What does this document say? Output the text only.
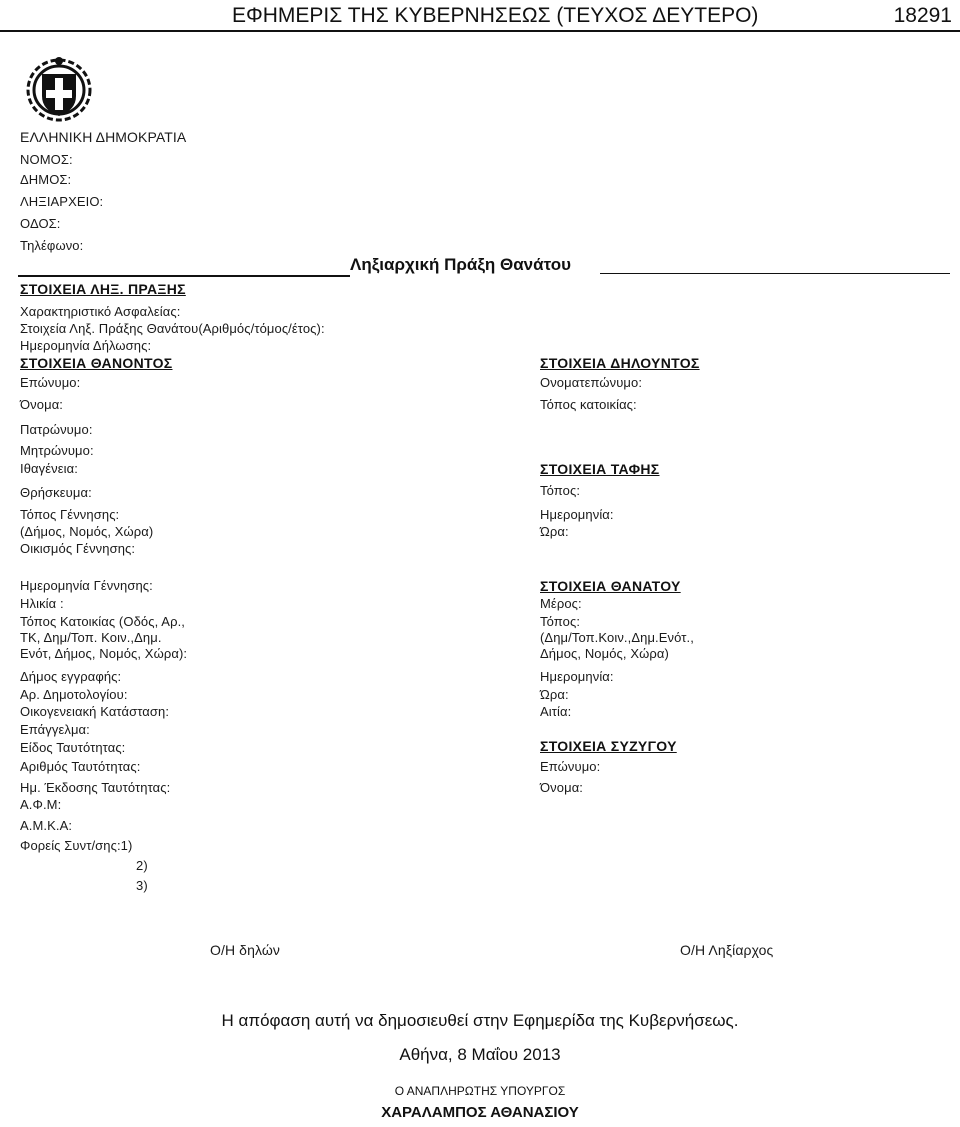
ΕΦΗΜΕΡΙΣ ΤΗΣ ΚΥΒΕΡΝΗΣΕΩΣ (ΤΕΥΧΟΣ ΔΕΥΤΕΡΟ)	18291
ΕΛΛΗΝΙΚΗ ΔΗΜΟΚΡΑΤΙΑ
ΝΟΜΟΣ:
ΔΗΜΟΣ:
ΛΗΞΙΑΡΧΕΙΟ:
ΟΔΟΣ:
Τηλέφωνο:
Ληξιαρχική Πράξη Θανάτου
ΣΤΟΙΧΕΙΑ ΛΗΞ. ΠΡΑΞΗΣ
Χαρακτηριστικό Ασφαλείας:
Στοιχεία Ληξ. Πράξης Θανάτου(Αριθμός/τόμος/έτος):
Ημερομηνία Δήλωσης:
ΣΤΟΙΧΕΙΑ ΘΑΝΟΝΤΟΣ
Επώνυμο:
Όνομα:
Πατρώνυμο:
Μητρώνυμο:
Ιθαγένεια:
Θρήσκευμα:
Τόπος Γέννησης:
(Δήμος, Νομός, Χώρα)
Οικισμός Γέννησης:
Ημερομηνία Γέννησης:
Ηλικία :
Τόπος Κατοικίας (Οδός, Αρ.,
ΤΚ, Δημ/Τοπ. Κοιν.,Δημ.
Ενότ, Δήμος, Νομός, Χώρα):
Δήμος εγγραφής:
Αρ. Δημοτολογίου:
Οικογενειακή Κατάσταση:
Επάγγελμα:
Είδος Ταυτότητας:
Αριθμός Ταυτότητας:
Ημ. Έκδοσης Ταυτότητας:
Α.Φ.Μ:
Α.Μ.Κ.Α:
Φορείς Συντ/σης:1)
2)
3)
ΣΤΟΙΧΕΙΑ ΔΗΛΟΥΝΤΟΣ
Ονοματεπώνυμο:
Τόπος κατοικίας:
ΣΤΟΙΧΕΙΑ ΤΑΦΗΣ
Τόπος:
Ημερομηνία:
Ώρα:
ΣΤΟΙΧΕΙΑ ΘΑΝΑΤΟΥ
Μέρος:
Τόπος:
(Δημ/Τοπ.Κοιν.,Δημ.Ενότ.,
Δήμος, Νομός, Χώρα)
Ημερομηνία:
Ώρα:
Αιτία:
ΣΤΟΙΧΕΙΑ ΣΥΖΥΓΟΥ
Επώνυμο:
Όνομα:
Ο/Η δηλών	Ο/Η Ληξίαρχος
Η απόφαση αυτή να δημοσιευθεί στην Εφημερίδα της Κυβερνήσεως.
Αθήνα, 8 Μαΐου 2013
Ο ΑΝΑΠΛΗΡΩΤΗΣ ΥΠΟΥΡΓΟΣ
ΧΑΡΑΛΑΜΠΟΣ ΑΘΑΝΑΣΙΟΥ
